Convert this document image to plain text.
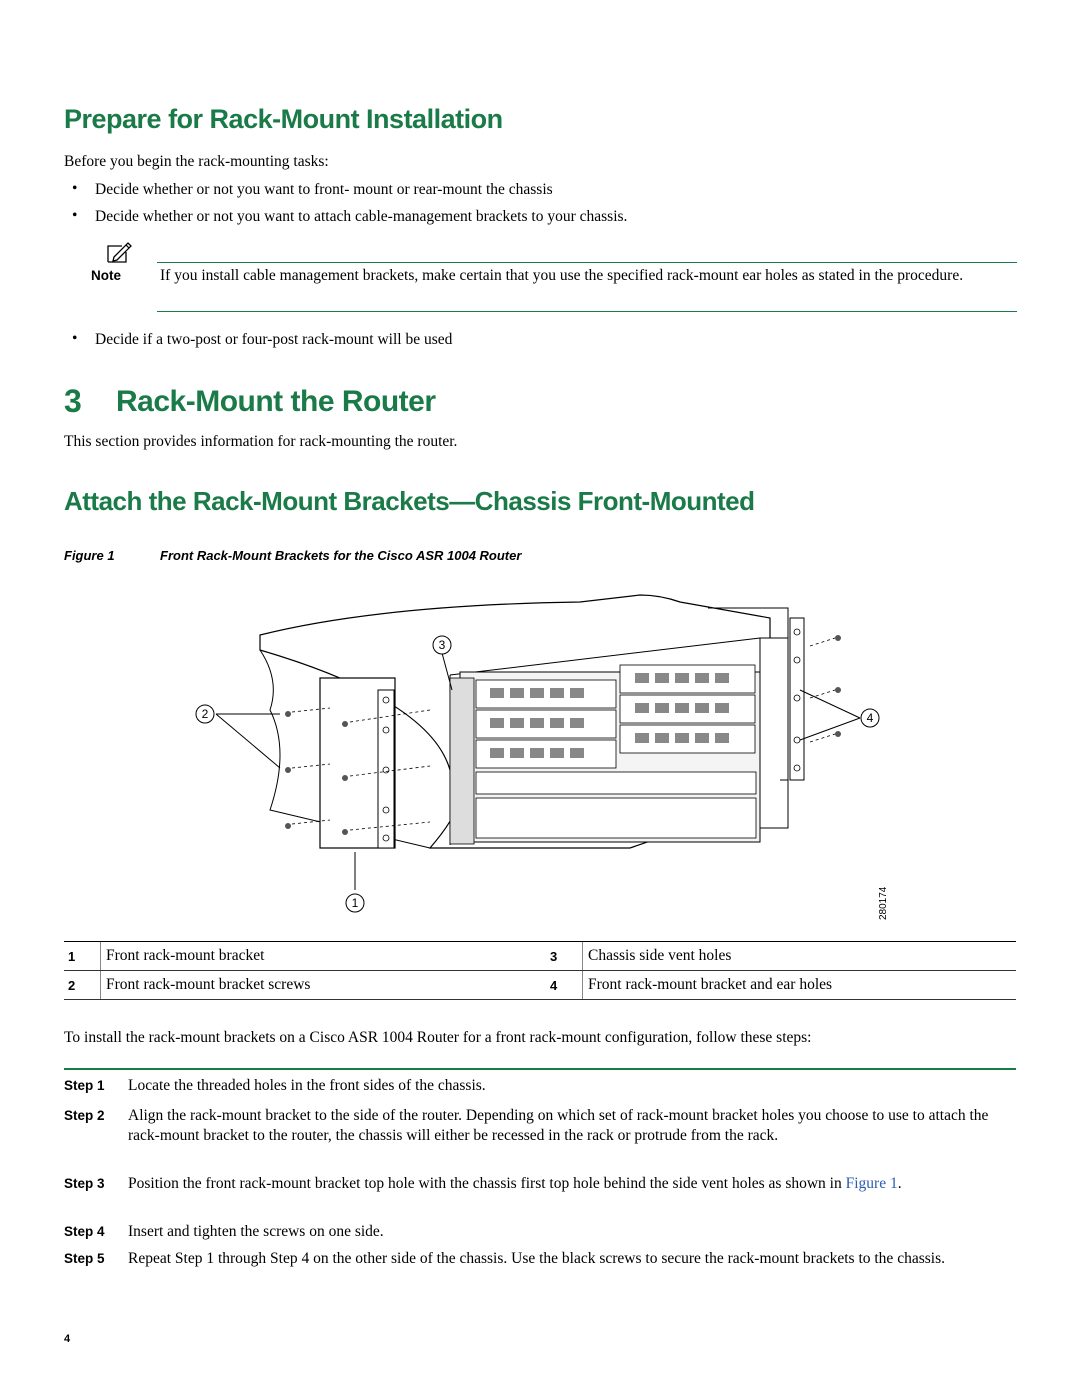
Prepare for Rack-Mount Installation
Before you begin the rack-mounting tasks:
• Decide whether or not you want to front- mount or rear-mount the chassis
• Decide whether or not you want to attach cable-management brackets to your chassis.
Note	If you install cable management brackets, make certain that you use the specified rack-mount ear holes as stated in the procedure.
• Decide if a two-post or four-post rack-mount will be used
3 Rack-Mount the Router
This section provides information for rack-mounting the router.
Attach the Rack-Mount Brackets—Chassis Front-Mounted
Figure 1	Front Rack-Mount Brackets for the Cisco ASR 1004 Router
3
2	4
1	280174
1	Front rack-mount bracket	3	Chassis side vent holes
2	Front rack-mount bracket screws	4	Front rack-mount bracket and ear holes
To install the rack-mount brackets on a Cisco ASR 1004 Router for a front rack-mount configuration, follow these steps:
Step 1 Locate the threaded holes in the front sides of the chassis.
Step 2 Align the rack-mount bracket to the side of the router. Depending on which set of rack-mount bracket holes you choose to use to attach the rack-mount bracket to the router, the chassis will either be recessed in the rack or protrude from the rack.
Step 3 Position the front rack-mount bracket top hole with the chassis first top hole behind the side vent holes as shown in Figure 1.
Step 4 Insert and tighten the screws on one side.
Step 5 Repeat Step 1 through Step 4 on the other side of the chassis. Use the black screws to secure the rack-mount brackets to the chassis.
4
